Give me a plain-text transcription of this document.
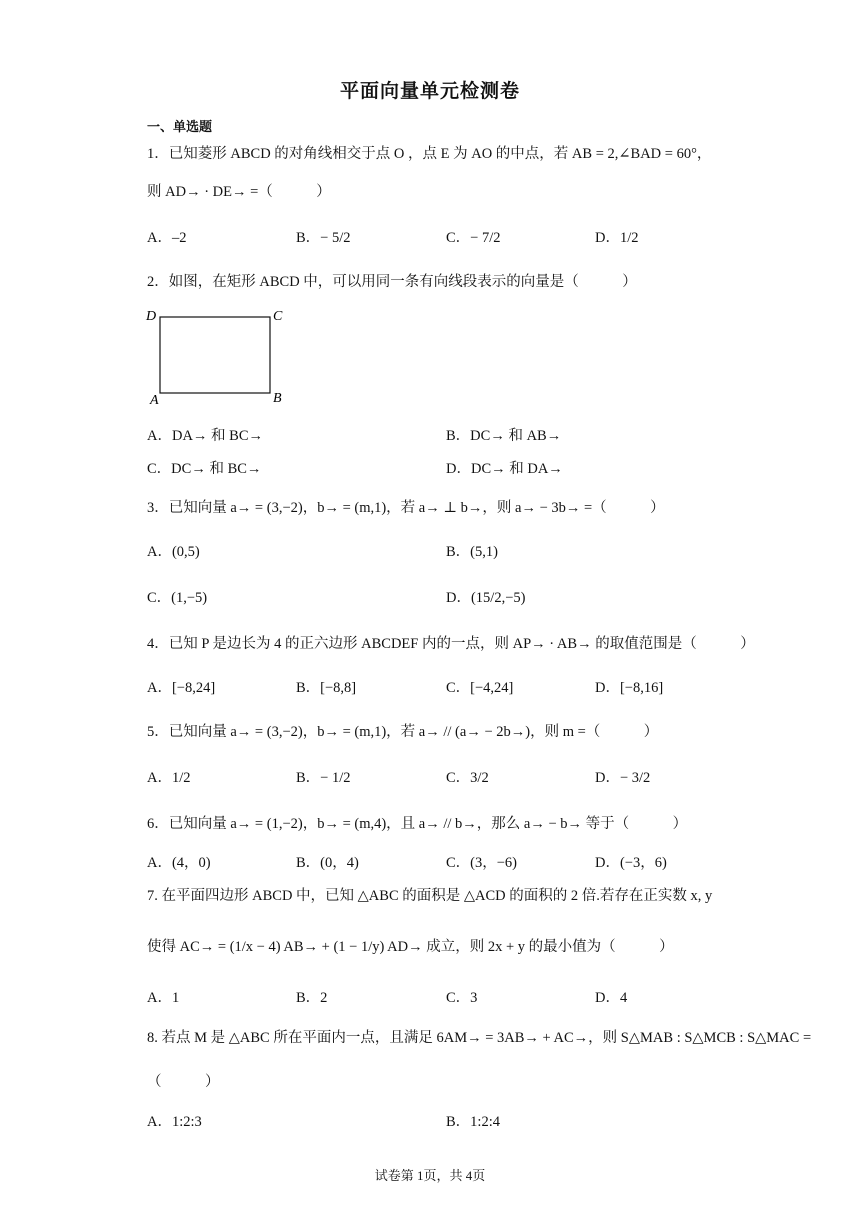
平面向量单元检测卷
一、单选题
1．已知菱形 ABCD 的对角线相交于点 O ，点 E 为 AO 的中点，若 AB = 2,∠BAD = 60°，
则 AD→ · DE→ =（　　　）
A．–2	B．− 5/2	C．− 7/2	D．1/2
2．如图，在矩形 ABCD 中，可以用同一条有向线段表示的向量是（　　　）
D	C
A	B
A．DA→ 和 BC→	B．DC→ 和 AB→
C．DC→ 和 BC→	D．DC→ 和 DA→
3．已知向量 a→ = (3,−2)，b→ = (m,1)，若 a→ ⊥ b→，则 a→ − 3b→ =（　　　）
A．(0,5)	B．(5,1)
C．(1,−5)	D．(15/2,−5)
4．已知 P 是边长为 4 的正六边形 ABCDEF 内的一点，则 AP→ · AB→ 的取值范围是（　　　）
A．[−8,24]	B．[−8,8]	C．[−4,24]	D．[−8,16]
5．已知向量 a→ = (3,−2)，b→ = (m,1)，若 a→ // (a→ − 2b→)，则 m =（　　　）
A．1/2	B．− 1/2	C．3/2	D．− 3/2
6．已知向量 a→ = (1,−2)，b→ = (m,4)，且 a→ // b→，那么 a→ − b→ 等于（　　　）
A．(4，0)	B．(0，4)	C．(3，−6)	D．(−3，6)
7. 在平面四边形 ABCD 中，已知 △ABC 的面积是 △ACD 的面积的 2 倍.若存在正实数 x, y
使得 AC→ = (1/x − 4) AB→ + (1 − 1/y) AD→ 成立，则 2x + y 的最小值为（　　　）
A．1	B．2	C．3	D．4
8. 若点 M 是 △ABC 所在平面内一点，且满足 6AM→ = 3AB→ + AC→，则 S△MAB : S△MCB : S△MAC =
（　　　）
A．1:2:3	B．1:2:4
试卷第 1页，共 4页
